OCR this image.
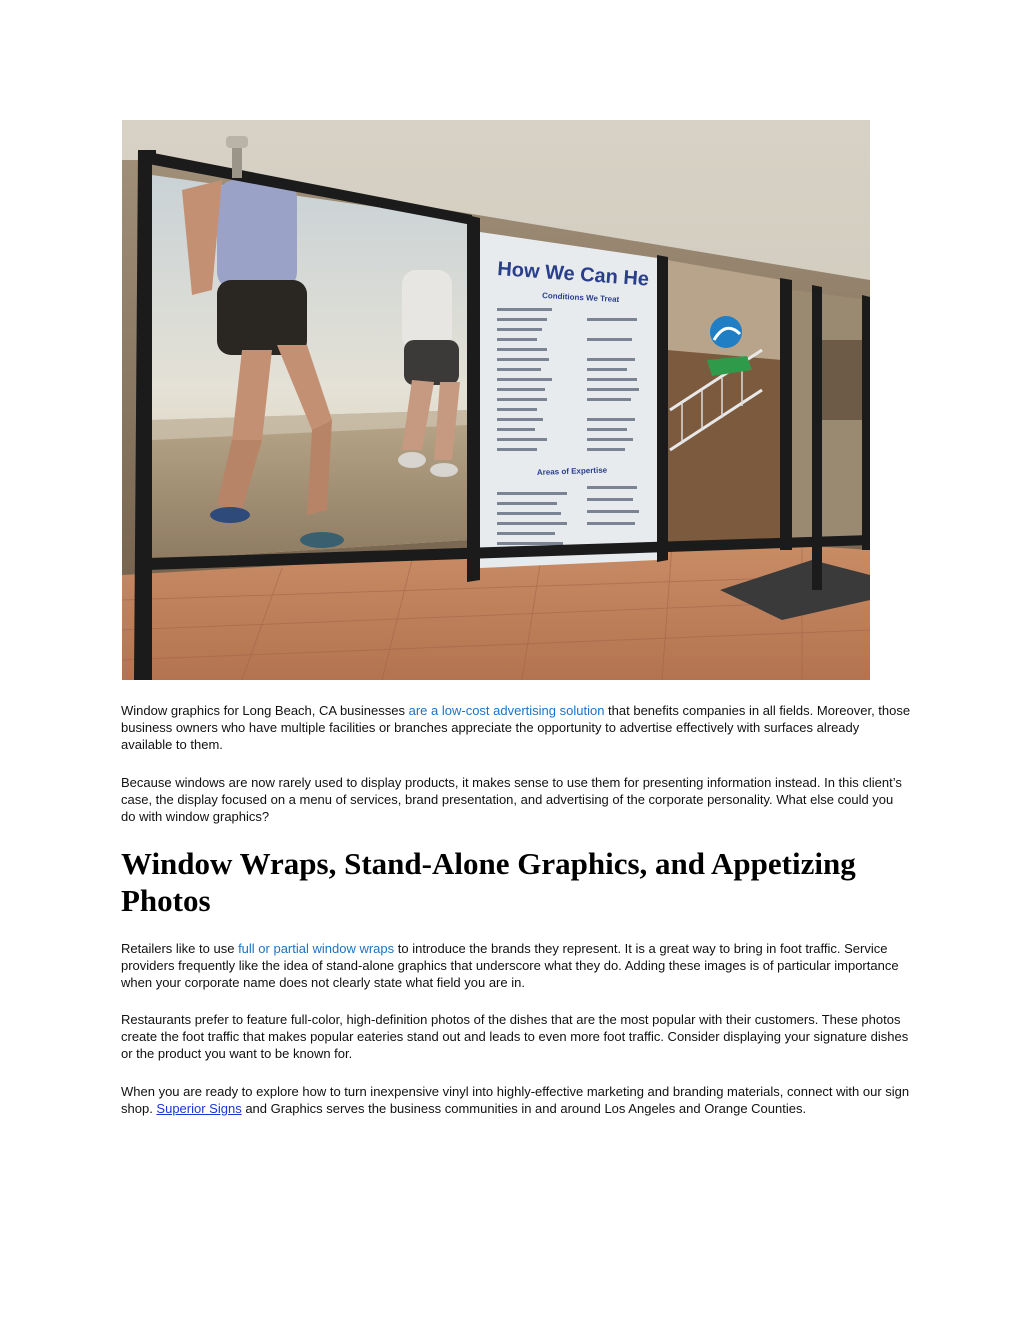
How We Can He
Conditions We Treat
Areas of Expertise

Window graphics for Long Beach, CA businesses are a low-cost advertising solution that benefits companies in all fields. Moreover, those business owners who have multiple facilities or branches appreciate the opportunity to advertise effectively with surfaces already available to them.

Because windows are now rarely used to display products, it makes sense to use them for presenting information instead. In this client’s case, the display focused on a menu of services, brand presentation, and advertising of the corporate personality. What else could you do with window graphics?

Window Wraps, Stand-Alone Graphics, and Appetizing Photos

Retailers like to use full or partial window wraps to introduce the brands they represent. It is a great way to bring in foot traffic. Service providers frequently like the idea of stand-alone graphics that underscore what they do. Adding these images is of particular importance when your corporate name does not clearly state what field you are in.

Restaurants prefer to feature full-color, high-definition photos of the dishes that are the most popular with their customers. These photos create the foot traffic that makes popular eateries stand out and leads to even more foot traffic. Consider displaying your signature dishes or the product you want to be known for.

When you are ready to explore how to turn inexpensive vinyl into highly-effective marketing and branding materials, connect with our sign shop. Superior Signs and Graphics serves the business communities in and around Los Angeles and Orange Counties.
